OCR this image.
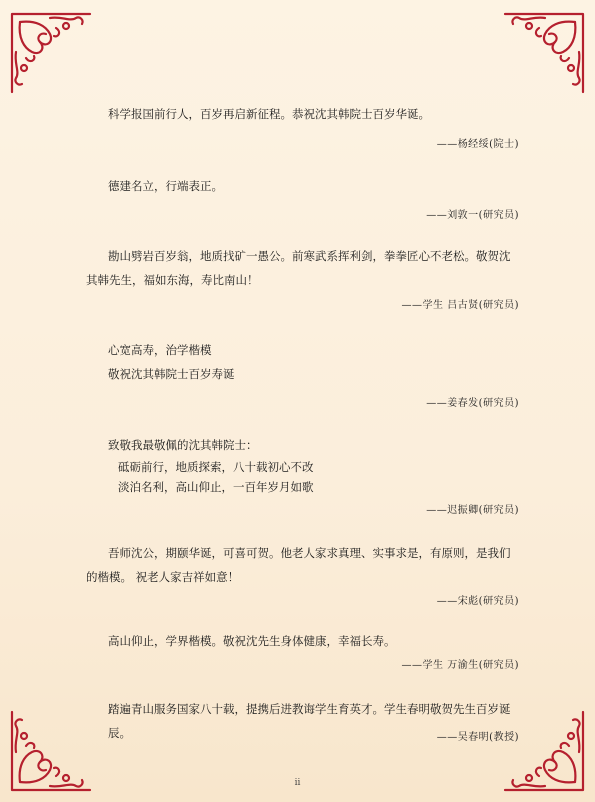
科学报国前行人，百岁再启新征程。恭祝沈其韩院士百岁华诞。

——杨经绥(院士)

德建名立，行端表正。

——刘敦一(研究员)

勘山劈岩百岁翁，地质找矿一愚公。前寒武系挥利剑，拳拳匠心不老松。敬贺沈

其韩先生，福如东海，寿比南山！

——学生 吕古贤(研究员)

心宽高寿，治学楷模

敬祝沈其韩院士百岁寿诞

——姜春发(研究员)

致敬我最敬佩的沈其韩院士：

砥砺前行，地质探索，八十载初心不改

淡泊名利，高山仰止，一百年岁月如歌

——迟振卿(研究员)

吾师沈公，期颐华诞，可喜可贺。他老人家求真理、实事求是，有原则，是我们

的楷模。 祝老人家吉祥如意！

——宋彪(研究员)

高山仰止，学界楷模。敬祝沈先生身体健康，幸福长寿。

——学生 万渝生(研究员)

踏遍青山服务国家八十载，提携后进教诲学生育英才。学生春明敬贺先生百岁诞辰。	——吴春明(教授)
ii
